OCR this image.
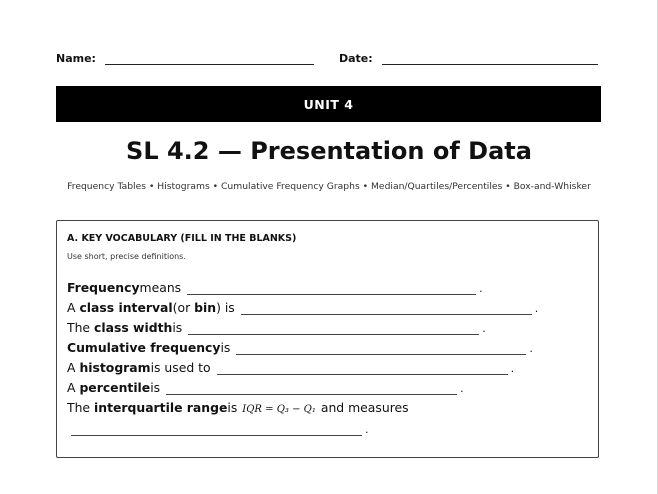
Name:	Date:
UNIT 4
SL 4.2 — Presentation of Data
Frequency Tables • Histograms • Cumulative Frequency Graphs • Median/Quartiles/Percentiles • Box-and-Whisker
A. KEY VOCABULARY (FILL IN THE BLANKS)
Use short, precise definitions.
Frequency means	.
A
class interval (or
bin ) is	.
The
class width is	.
Cumulative frequency is	.
A
histogram is used to	.
A
percentile is	.
The
interquartile range is IQR = Q₃ − Q₁ and measures
.
